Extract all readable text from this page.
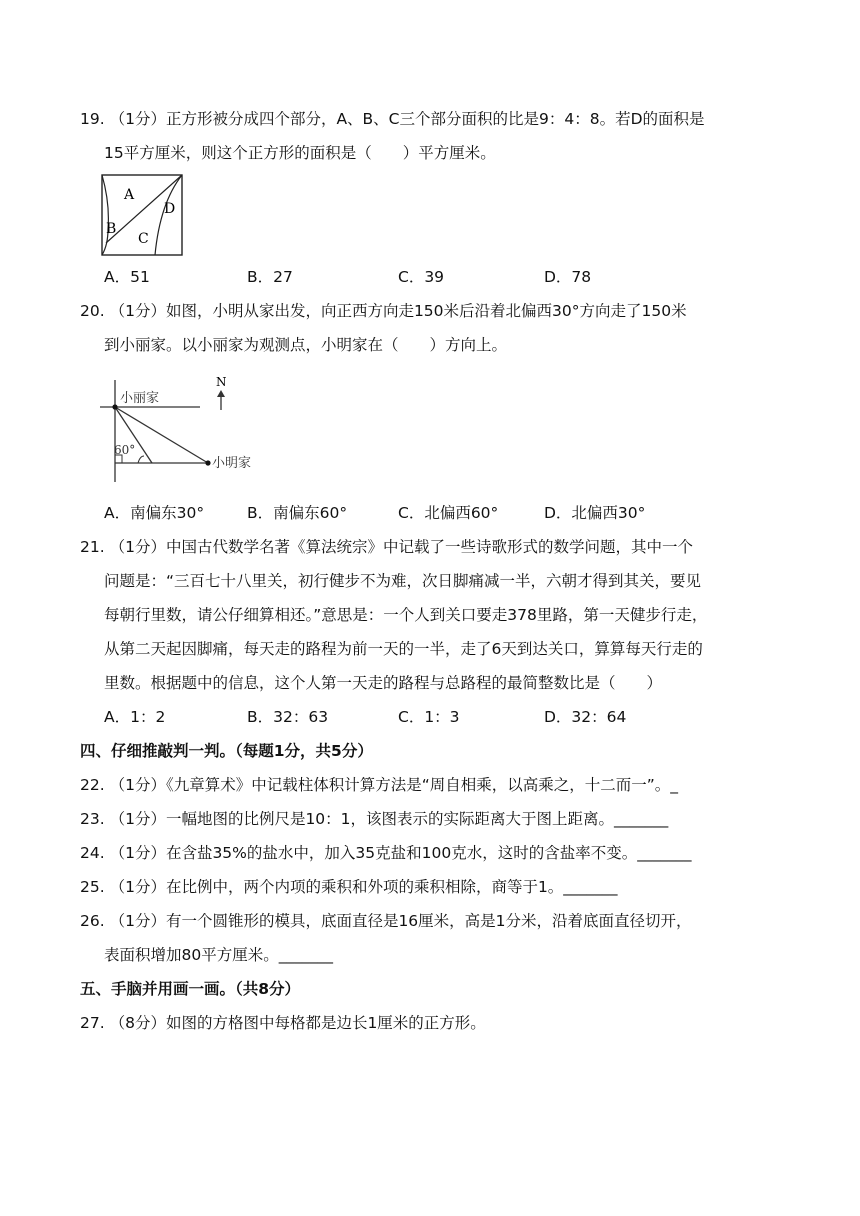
19. （1分）正方形被分成四个部分，A、B、C三个部分面积的比是9：4：8。若D的面积是
15平方厘米，则这个正方形的面积是（　　）平方厘米。
A
B
C
D
A．51	B．27	C．39	D．78
20. （1分）如图，小明从家出发，向正西方向走150米后沿着北偏西30°方向走了150米
到小丽家。以小丽家为观测点，小明家在（　　）方向上。
N
小丽家
60°
小明家
A．南偏东30°	B．南偏东60°	C．北偏西60°	D．北偏西30°
21. （1分）中国古代数学名著《算法统宗》中记载了一些诗歌形式的数学问题，其中一个
问题是：“三百七十八里关，初行健步不为难，次日脚痛减一半，六朝才得到其关，要见
每朝行里数，请公仔细算相还。”意思是：一个人到关口要走378里路，第一天健步行走，
从第二天起因脚痛，每天走的路程为前一天的一半，走了6天到达关口，算算每天行走的
里数。根据题中的信息，这个人第一天走的路程与总路程的最简整数比是（　　）
A．1：2	B．32：63	C．1：3	D．32：64
四、仔细推敲判一判。（每题1分，共5分）
22. （1分）《九章算术》中记载柱体积计算方法是“周自相乘，以高乘之，十二而一”。_
23. （1分）一幅地图的比例尺是10：1，该图表示的实际距离大于图上距离。_______
24. （1分）在含盐35%的盐水中，加入35克盐和100克水，这时的含盐率不变。_______
25. （1分）在比例中，两个内项的乘积和外项的乘积相除，商等于1。_______
26. （1分）有一个圆锥形的模具，底面直径是16厘米，高是1分米，沿着底面直径切开，
表面积增加80平方厘米。_______
五、手脑并用画一画。（共8分）
27. （8分）如图的方格图中每格都是边长1厘米的正方形。
